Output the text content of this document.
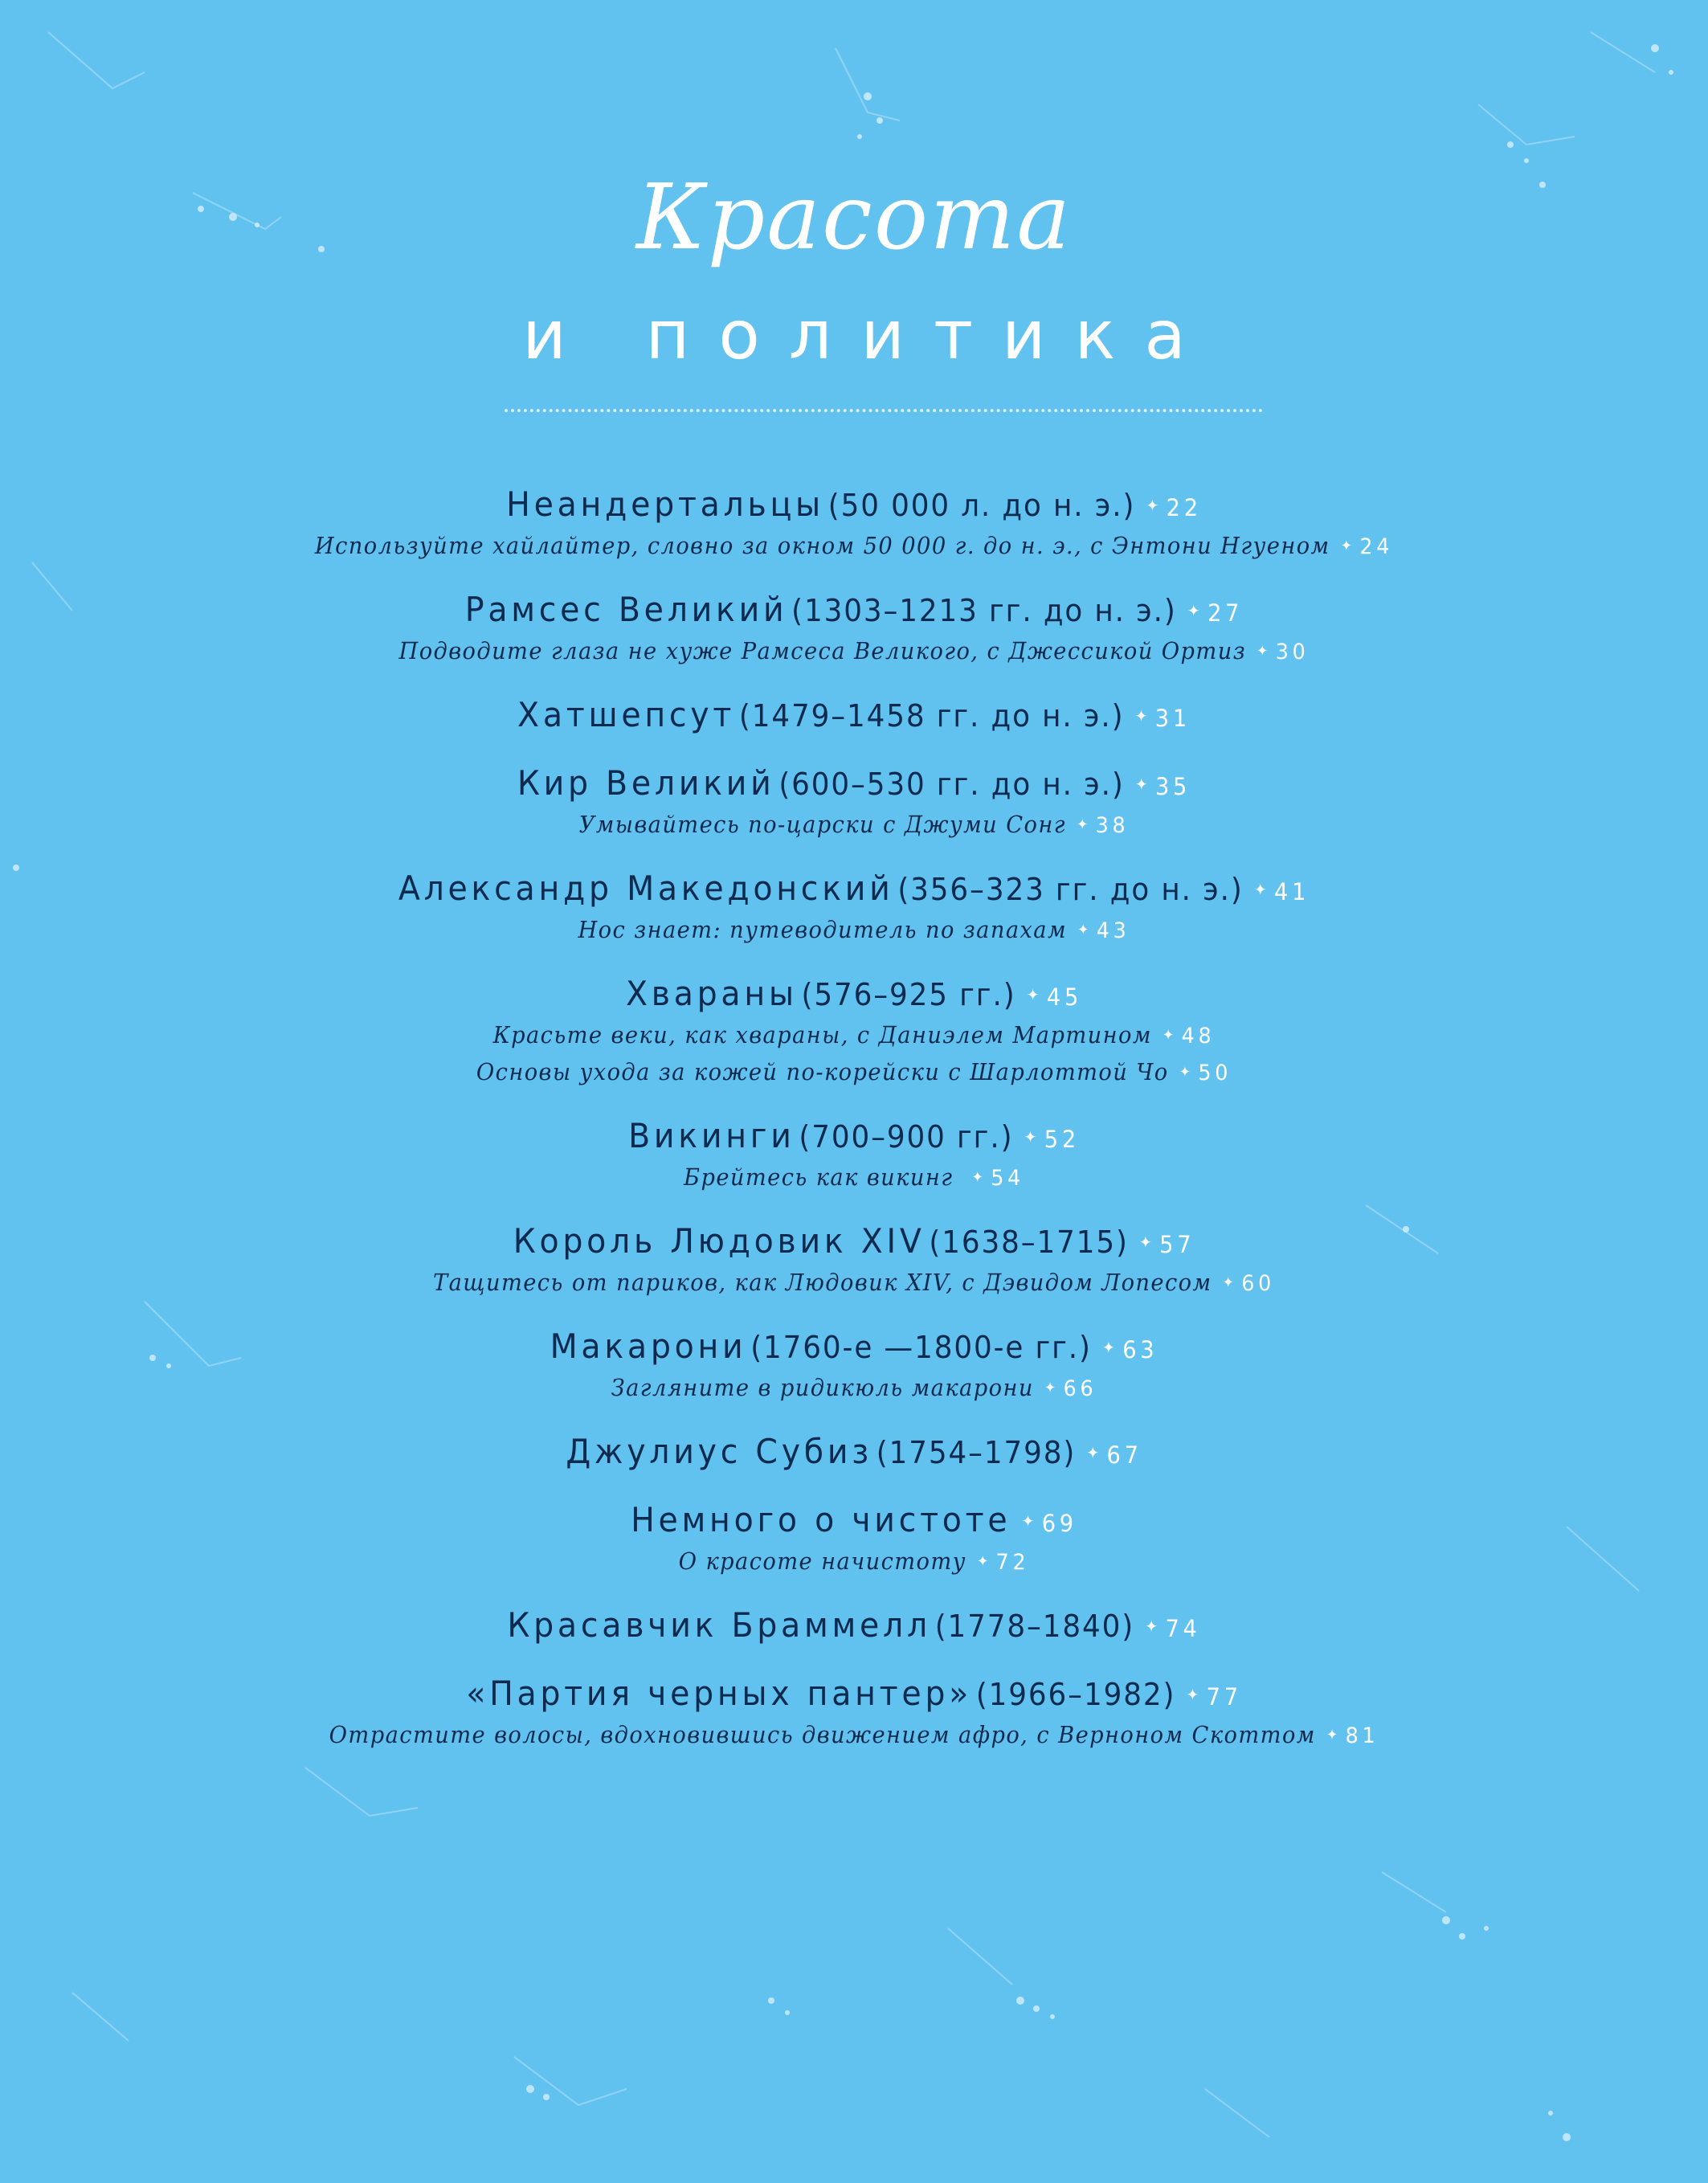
Красота
и политика
Неандертальцы (50 000 л. до н. э.) ✦ 22
Используйте хайлайтер, словно за окном 50 000 г. до н. э., с Энтони Нгуеном ✦ 24
Рамсес Великий (1303–1213 гг. до н. э.) ✦ 27
Подводите глаза не хуже Рамсеса Великого, с Джессикой Ортиз ✦ 30
Хатшепсут (1479–1458 гг. до н. э.) ✦ 31
Кир Великий (600–530 гг. до н. э.) ✦ 35
Умывайтесь по-царски с Джуми Сонг ✦ 38
Александр Македонский (356–323 гг. до н. э.) ✦ 41
Нос знает: путеводитель по запахам ✦ 43
Хвараны (576–925 гг.) ✦ 45
Красьте веки, как хвараны, с Даниэлем Мартином ✦ 48
Основы ухода за кожей по-корейски с Шарлоттой Чо ✦ 50
Викинги (700–900 гг.) ✦ 52
Брейтесь как викинг ✦ 54
Король Людовик XIV (1638–1715) ✦ 57
Тащитесь от париков, как Людовик XIV, с Дэвидом Лопесом ✦ 60
Макарони (1760-е —1800-е гг.) ✦ 63
Загляните в ридикюль макарони ✦ 66
Джулиус Субиз (1754–1798) ✦ 67
Немного о чистоте ✦ 69
О красоте начистоту ✦ 72
Красавчик Браммелл (1778–1840) ✦ 74
«Партия черных пантер» (1966–1982) ✦ 77
Отрастите волосы, вдохновившись движением афро, с Верноном Скоттом ✦ 81
